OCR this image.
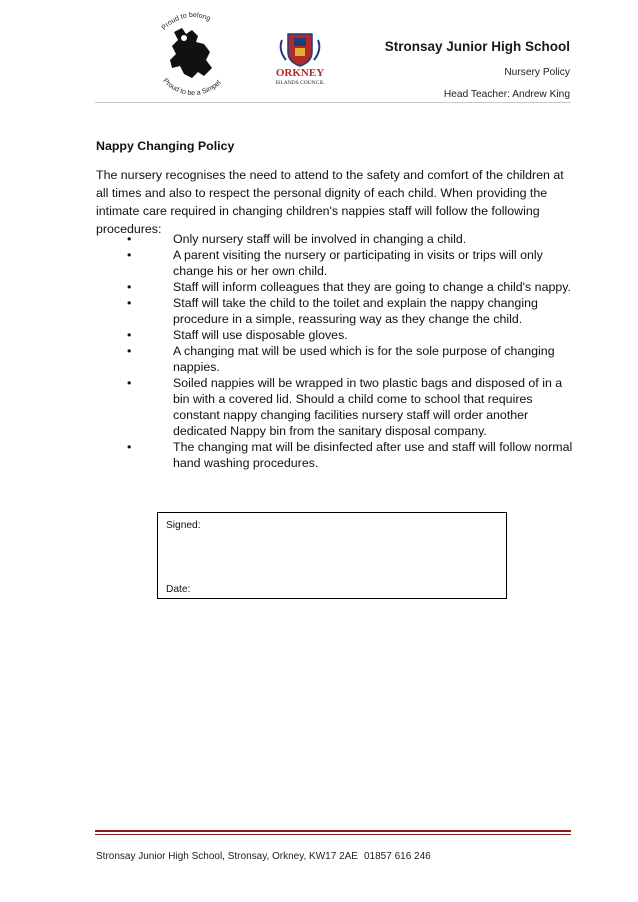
Proud to belong
Proud to be a Simpel
ORKNEY
ISLANDS COUNCIL
Stronsay Junior High School
Nursery Policy
Head Teacher: Andrew King
Nappy Changing Policy

The nursery recognises the need to attend to the safety and comfort of the children at all times and also to respect the personal dignity of each child. When providing the intimate care required in changing children's nappies staff will follow the following procedures:

•	Only nursery staff will be involved in changing a child.
•	A parent visiting the nursery or participating in visits or trips will only change his or her own child.
•	Staff will inform colleagues that they are going to change a child's nappy.
•	Staff will take the child to the toilet and explain the nappy changing procedure in a simple, reassuring way as they change the child.
•	Staff will use disposable gloves.
•	A changing mat will be used which is for the sole purpose of changing nappies.
•	Soiled nappies will be wrapped in two plastic bags and disposed of in a bin with a covered lid. Should a child come to school that requires constant nappy changing facilities nursery staff will order another dedicated Nappy bin from the sanitary disposal company.
•	The changing mat will be disinfected after use and staff will follow normal hand washing procedures.
Signed:
Date:
Stronsay Junior High School, Stronsay, Orkney, KW17 2AE 01857 616 246
